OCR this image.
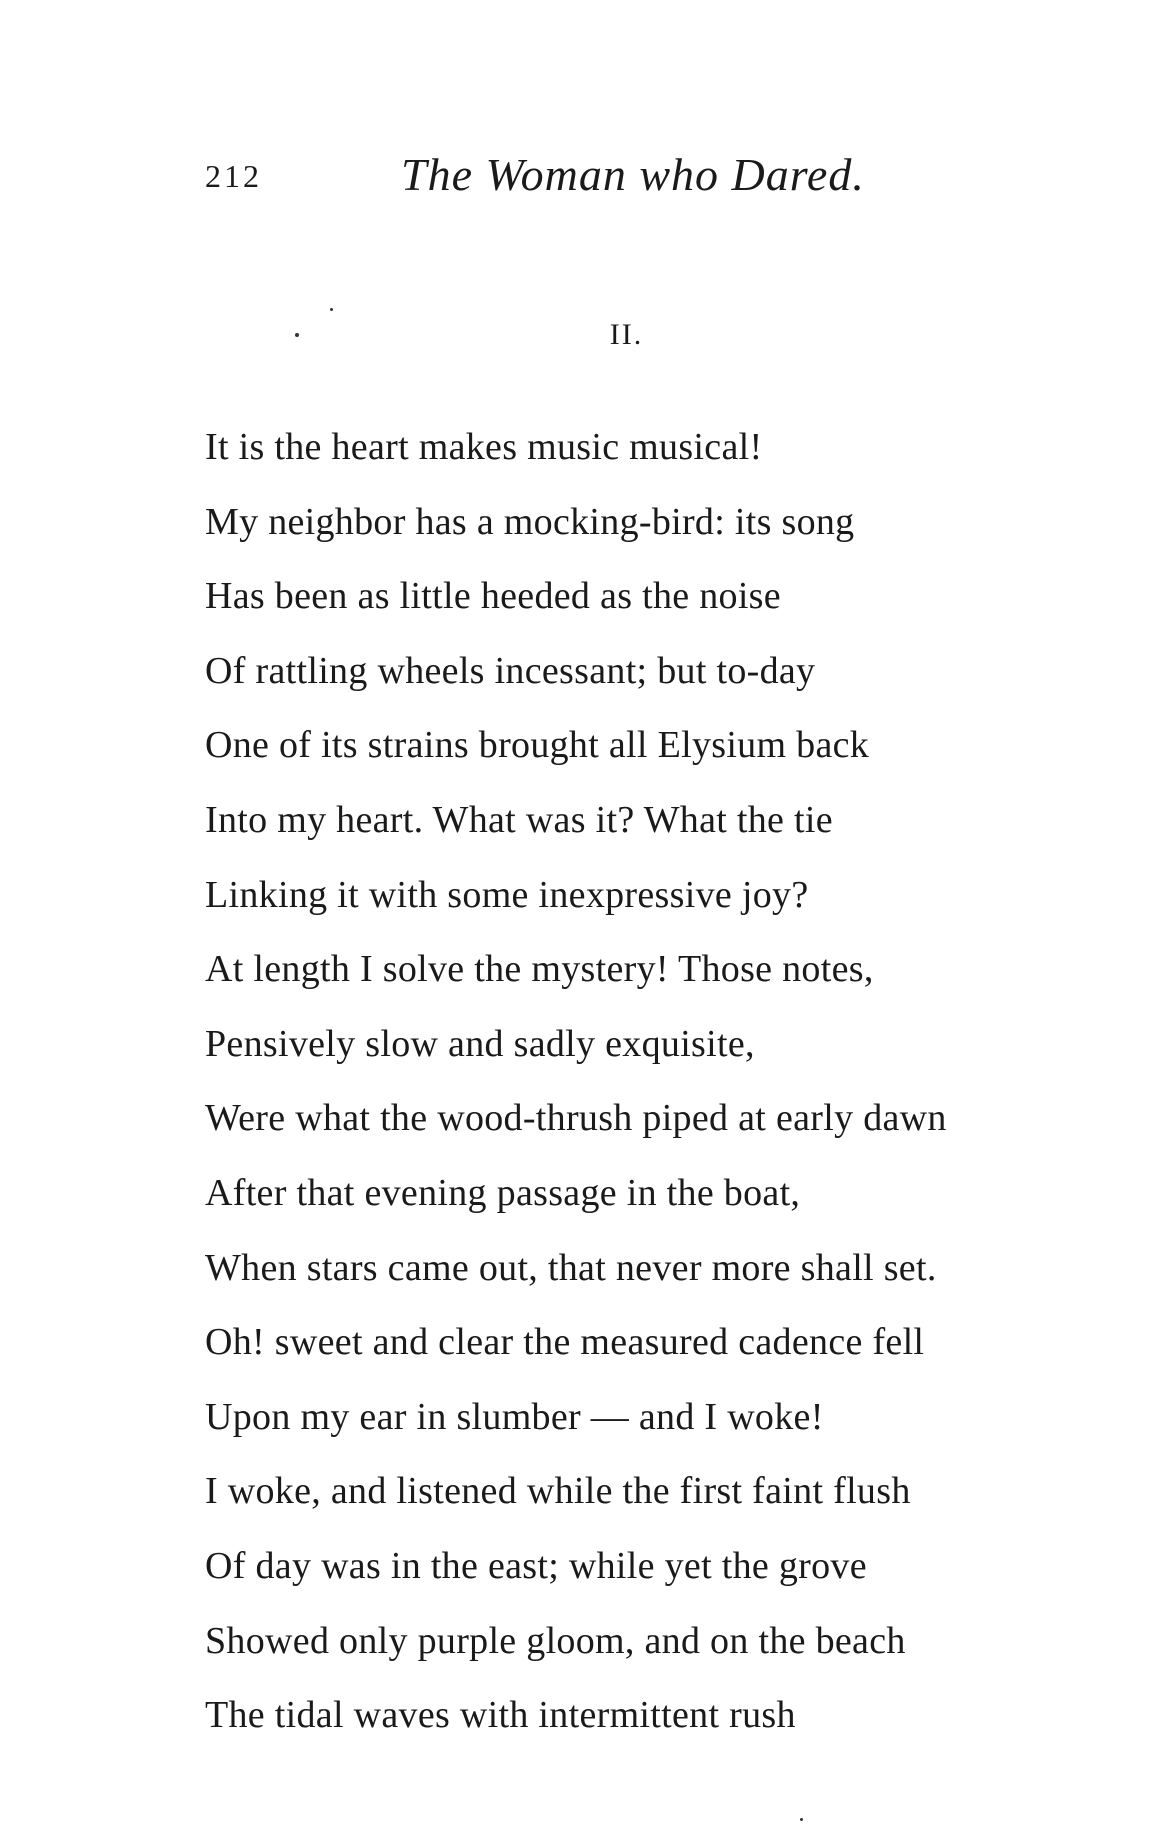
212	The Woman who Dared.
II.
It is the heart makes music musical!
My neighbor has a mocking-bird: its song
Has been as little heeded as the noise
Of rattling wheels incessant; but to-day
One of its strains brought all Elysium back
Into my heart. What was it? What the tie
Linking it with some inexpressive joy?
At length I solve the mystery! Those notes,
Pensively slow and sadly exquisite,
Were what the wood-thrush piped at early dawn
After that evening passage in the boat,
When stars came out, that never more shall set.
Oh! sweet and clear the measured cadence fell
Upon my ear in slumber — and I woke!
I woke, and listened while the first faint flush
Of day was in the east; while yet the grove
Showed only purple gloom, and on the beach
The tidal waves with intermittent rush
